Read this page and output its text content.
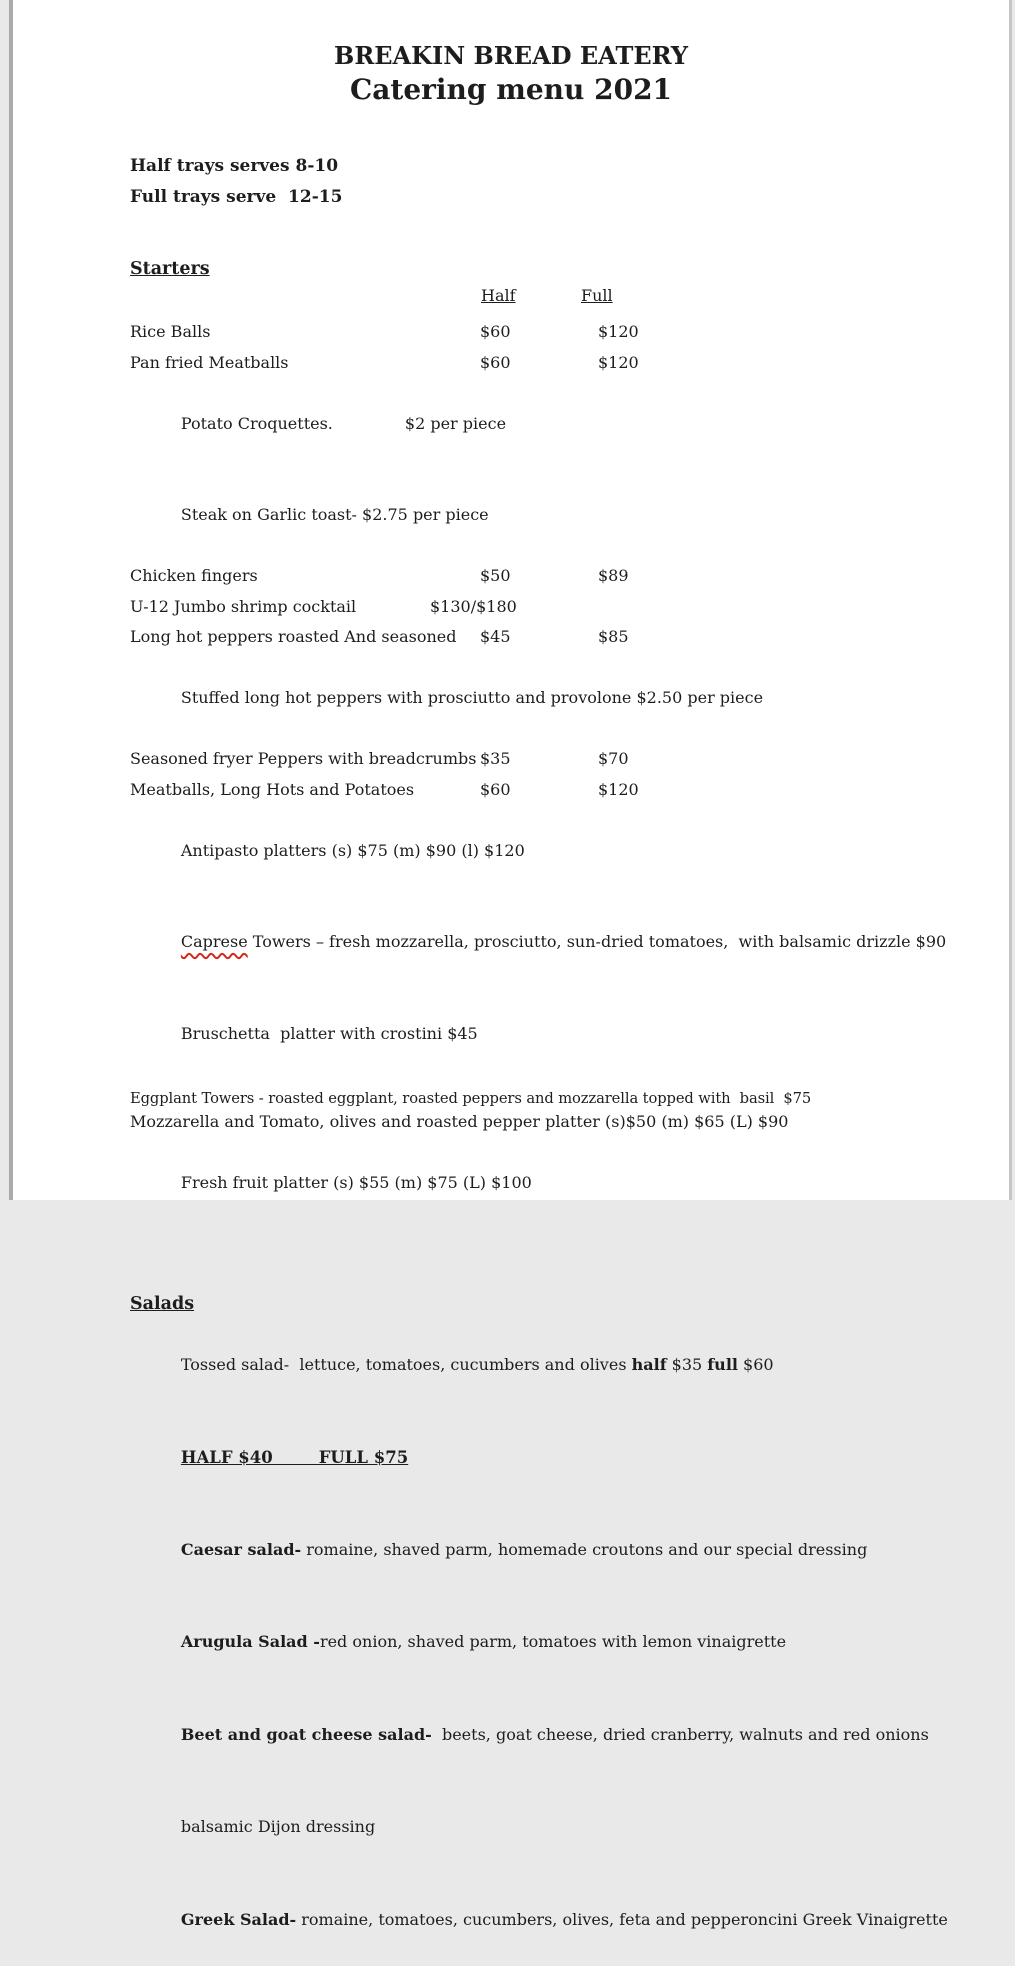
BREAKIN BREAD EATERY
Catering menu 2021

Half trays serves 8-10

Full trays serve  12-15

Starters
Half	Full
Rice Balls	$60	$120
Pan fried Meatballs	$60	$120

Potato Croquettes.	$2 per piece

Steak on Garlic toast- $2.75 per piece

Chicken fingers	$50	$89
U-12 Jumbo shrimp cocktail	$130/$180
Long hot peppers roasted And seasoned	$45	$85

Stuffed long hot peppers with prosciutto and provolone $2.50 per piece

Seasoned fryer Peppers with breadcrumbs $35	$70
Meatballs, Long Hots and Potatoes	$60	$120

Antipasto platters (s) $75 (m) $90 (l) $120

Caprese Towers – fresh mozzarella, prosciutto, sun-dried tomatoes,  with balsamic drizzle $90

Bruschetta  platter with crostini $45

Eggplant Towers - roasted eggplant, roasted peppers and mozzarella topped with  basil  $75
Mozzarella and Tomato, olives and roasted pepper platter (s)$50 (m) $65 (L) $90

Fresh fruit platter (s) $55 (m) $75 (L) $100

Salads

Tossed salad-  lettuce, tomatoes, cucumbers and olives half $35 full $60

HALF $40        FULL $75

Caesar salad- romaine, shaved parm, homemade croutons and our special dressing

Arugula Salad -red onion, shaved parm, tomatoes with lemon vinaigrette

Beet and goat cheese salad-  beets, goat cheese, dried cranberry, walnuts and red onions

balsamic Dijon dressing

Greek Salad- romaine, tomatoes, cucumbers, olives, feta and pepperoncini Greek Vinaigrette
